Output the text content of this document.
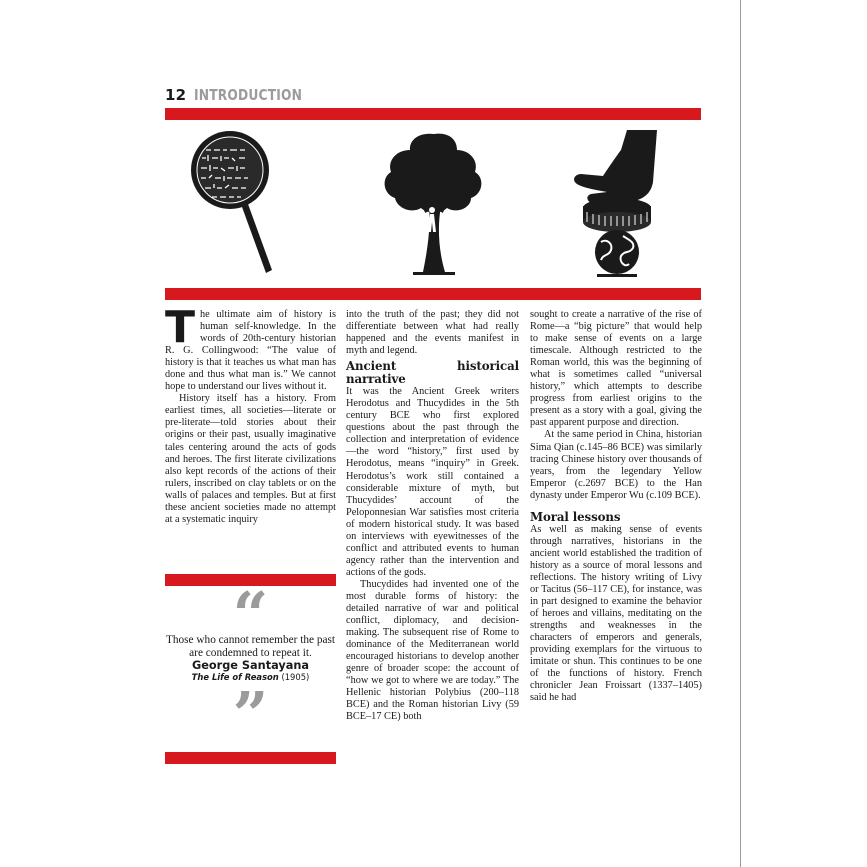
12 INTRODUCTION
T he ultimate aim of history is human self-knowledge. In the words of 20th-century historian R. G. Collingwood: “The value of history is that it teaches us what man has done and thus what man is.” We cannot hope to understand our lives without it.

History itself has a history. From earliest times, all societies—literate or pre-literate—told stories about their origins or their past, usually imaginative tales centering around the acts of gods and heroes. The first literate civilizations also kept records of the actions of their rulers, inscribed on clay tablets or on the walls of palaces and temples. But at first these ancient societies made no attempt at a systematic inquiry

“
Those who cannot remember the past are condemned to repeat it.
George Santayana
The Life of Reason (1905)
”

into the truth of the past; they did not differentiate between what had really happened and the events manifest in myth and legend.

Ancient historical narrative

It was the Ancient Greek writers Herodotus and Thucydides in the 5th century BCE who first explored questions about the past through the collection and interpretation of evidence—the word “history,” first used by Herodotus, means “inquiry” in Greek. Herodotus’s work still contained a considerable mixture of myth, but Thucydides’ account of the Peloponnesian War satisfies most criteria of modern historical study. It was based on interviews with eyewitnesses of the conflict and attributed events to human agency rather than the intervention and actions of the gods.

Thucydides had invented one of the most durable forms of history: the detailed narrative of war and political conflict, diplomacy, and decision-making. The subsequent rise of Rome to dominance of the Mediterranean world encouraged historians to develop another genre of broader scope: the account of “how we got to where we are today.” The Hellenic historian Polybius (200–118 BCE) and the Roman historian Livy (59 BCE–17 CE) both

sought to create a narrative of the rise of Rome—a “big picture” that would help to make sense of events on a large timescale. Although restricted to the Roman world, this was the beginning of what is sometimes called “universal history,” which attempts to describe progress from earliest origins to the present as a story with a goal, giving the past apparent purpose and direction.

At the same period in China, historian Sima Qian (c.145–86 BCE) was similarly tracing Chinese history over thousands of years, from the legendary Yellow Emperor (c.2697 BCE) to the Han dynasty under Emperor Wu (c.109 BCE).

Moral lessons

As well as making sense of events through narratives, historians in the ancient world established the tradition of history as a source of moral lessons and reflections. The history writing of Livy or Tacitus (56–117 CE), for instance, was in part designed to examine the behavior of heroes and villains, meditating on the strengths and weaknesses in the characters of emperors and generals, providing exemplars for the virtuous to imitate or shun. This continues to be one of the functions of history. French chronicler Jean Froissart (1337–1405) said he had
